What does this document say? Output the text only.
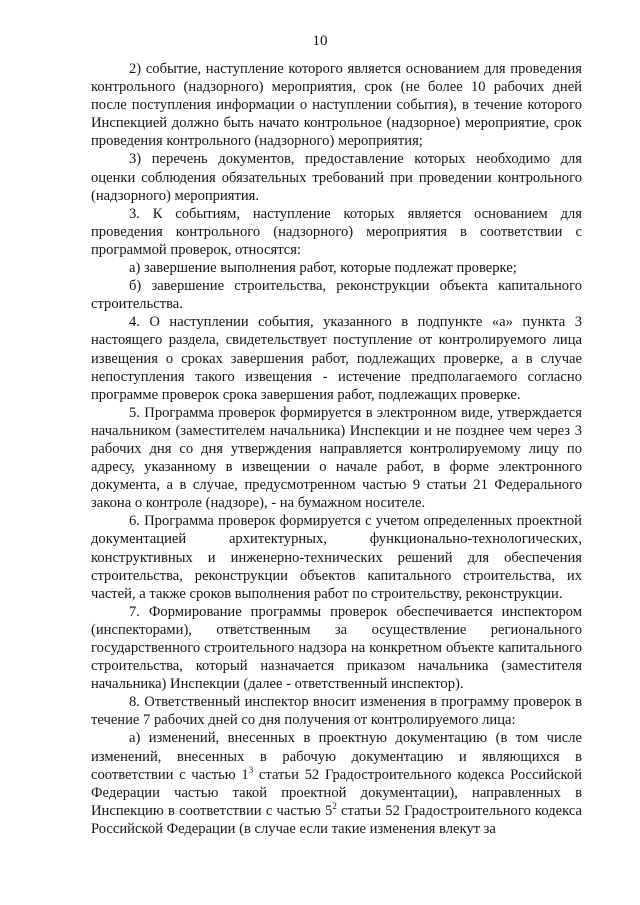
10

2) событие, наступление которого является основанием для проведения контрольного (надзорного) мероприятия, срок (не более 10 рабочих дней после поступления информации о наступлении события), в течение которого Инспекцией должно быть начато контрольное (надзорное) мероприятие, срок проведения контрольного (надзорного) мероприятия;

3) перечень документов, предоставление которых необходимо для оценки соблюдения обязательных требований при проведении контрольного (надзорного) мероприятия.

3. К событиям, наступление которых является основанием для проведения контрольного (надзорного) мероприятия в соответствии с программой проверок, относятся:

а) завершение выполнения работ, которые подлежат проверке;

б) завершение строительства, реконструкции объекта капитального строительства.

4. О наступлении события, указанного в подпункте «а» пункта 3 настоящего раздела, свидетельствует поступление от контролируемого лица извещения о сроках завершения работ, подлежащих проверке, а в случае непоступления такого извещения - истечение предполагаемого согласно программе проверок срока завершения работ, подлежащих проверке.

5. Программа проверок формируется в электронном виде, утверждается начальником (заместителем начальника) Инспекции и не позднее чем через 3 рабочих дня со дня утверждения направляется контролируемому лицу по адресу, указанному в извещении о начале работ, в форме электронного документа, а в случае, предусмотренном частью 9 статьи 21 Федерального закона о контроле (надзоре), - на бумажном носителе.

6. Программа проверок формируется с учетом определенных проектной документацией архитектурных, функционально-технологических, конструктивных и инженерно-технических решений для обеспечения строительства, реконструкции объектов капитального строительства, их частей, а также сроков выполнения работ по строительству, реконструкции.

7. Формирование программы проверок обеспечивается инспектором (инспекторами), ответственным за осуществление регионального государственного строительного надзора на конкретном объекте капитального строительства, который назначается приказом начальника (заместителя начальника) Инспекции (далее - ответственный инспектор).

8. Ответственный инспектор вносит изменения в программу проверок в течение 7 рабочих дней со дня получения от контролируемого лица:

а) изменений, внесенных в проектную документацию (в том числе изменений, внесенных в рабочую документацию и являющихся в соответствии с частью $1^3$ статьи 52 Градостроительного кодекса Российской Федерации частью такой проектной документации), направленных в Инспекцию в соответствии с частью $5^2$ статьи 52 Градостроительного кодекса Российской Федерации (в случае если такие изменения влекут за
